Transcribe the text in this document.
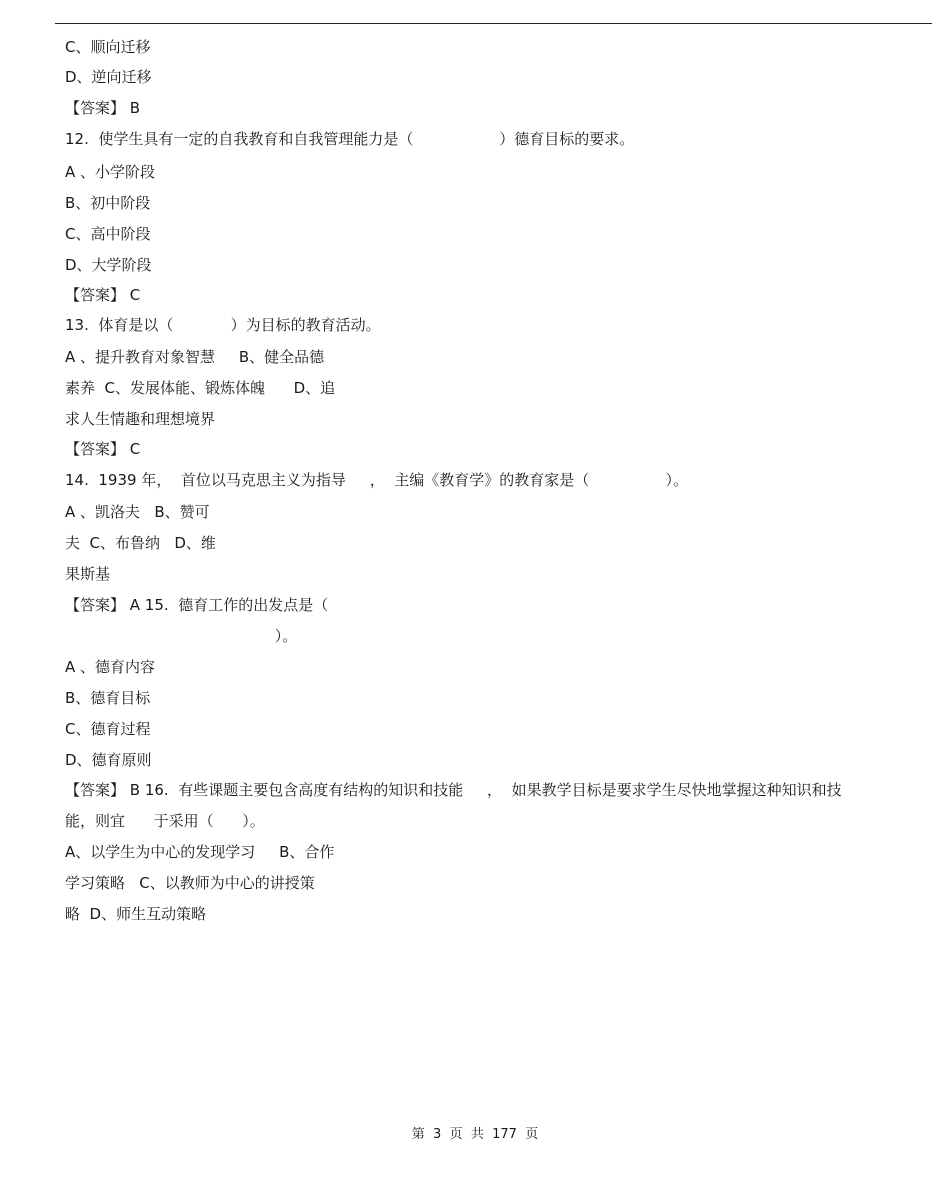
C、顺向迁移
D、逆向迁移
【答案】 B
12.  使学生具有一定的自我教育和自我管理能力是（                  ）德育目标的要求。
A 、小学阶段
B、初中阶段
C、高中阶段
D、大学阶段
【答案】 C
13.  体育是以（            ）为目标的教育活动。
A 、提升教育对象智慧     B、健全品德
素养  C、发展体能、锻炼体魄      D、追
求人生情趣和理想境界
【答案】 C
14.  1939 年，  首位以马克思主义为指导     ，  主编《教育学》的教育家是（                ）。
A 、凯洛夫   B、赞可
夫  C、布鲁纳   D、维
果斯基
【答案】 A 15.  德育工作的出发点是（
）。
A 、德育内容
B、德育目标
C、德育过程
D、德育原则
【答案】 B 16.  有些课题主要包含高度有结构的知识和技能     ，  如果教学目标是要求学生尽快地掌握这种知识和技
能，则宜      于采用（      ）。
A、以学生为中心的发现学习     B、合作
学习策略   C、以教师为中心的讲授策
略  D、师生互动策略
第  3  页  共  177  页
